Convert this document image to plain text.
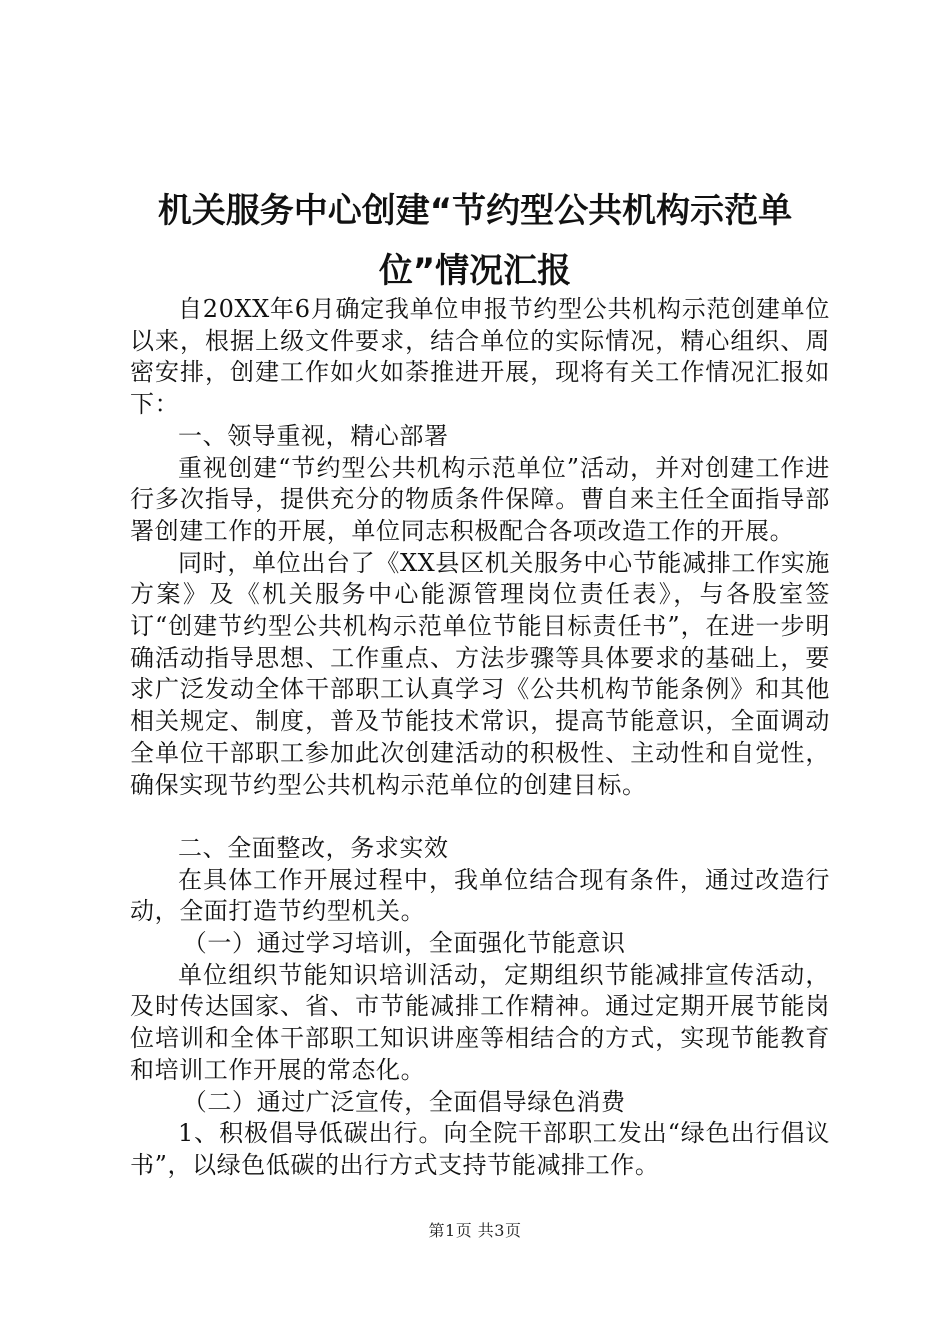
机关服务中心创建“节约型公共机构示范单
位”情况汇报

自20XX年6月确定我单位申报节约型公共机构示范创建单位以来，根据上级文件要求，结合单位的实际情况，精心组织、周密安排，创建工作如火如荼推进开展，现将有关工作情况汇报如下：

一、领导重视，精心部署

重视创建“节约型公共机构示范单位”活动，并对创建工作进行多次指导，提供充分的物质条件保障。曹自来主任全面指导部署创建工作的开展，单位同志积极配合各项改造工作的开展。

同时，单位出台了《XX县区机关服务中心节能减排工作实施方案》及《机关服务中心能源管理岗位责任表》，与各股室签订“创建节约型公共机构示范单位节能目标责任书”，在进一步明确活动指导思想、工作重点、方法步骤等具体要求的基础上，要求广泛发动全体干部职工认真学习《公共机构节能条例》和其他相关规定、制度，普及节能技术常识，提高节能意识，全面调动全单位干部职工参加此次创建活动的积极性、主动性和自觉性，确保实现节约型公共机构示范单位的创建目标。

二、全面整改，务求实效

在具体工作开展过程中，我单位结合现有条件，通过改造行动，全面打造节约型机关。

（一）通过学习培训，全面强化节能意识

单位组织节能知识培训活动，定期组织节能减排宣传活动，及时传达国家、省、市节能减排工作精神。通过定期开展节能岗位培训和全体干部职工知识讲座等相结合的方式，实现节能教育和培训工作开展的常态化。

（二）通过广泛宣传，全面倡导绿色消费

1、积极倡导低碳出行。向全院干部职工发出“绿色出行倡议书”，以绿色低碳的出行方式支持节能减排工作。

第1页 共3页
